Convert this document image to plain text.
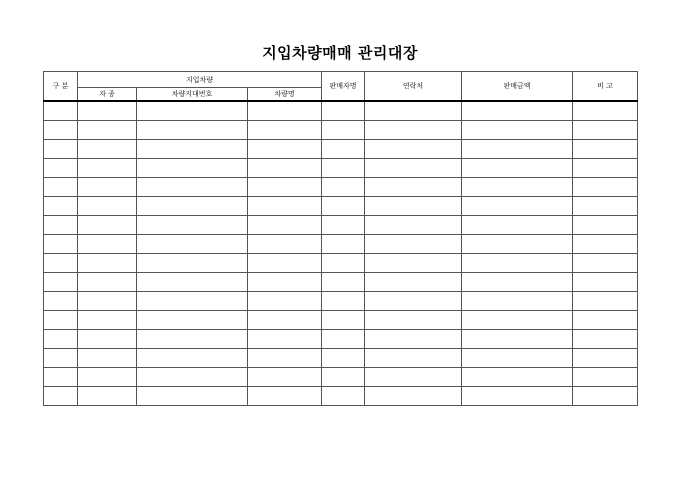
지입차량매매 관리대장
구 분	지입차량			판매자명	연락처	판매금액	비 고
	자 종	차량지대번호	차량명				
